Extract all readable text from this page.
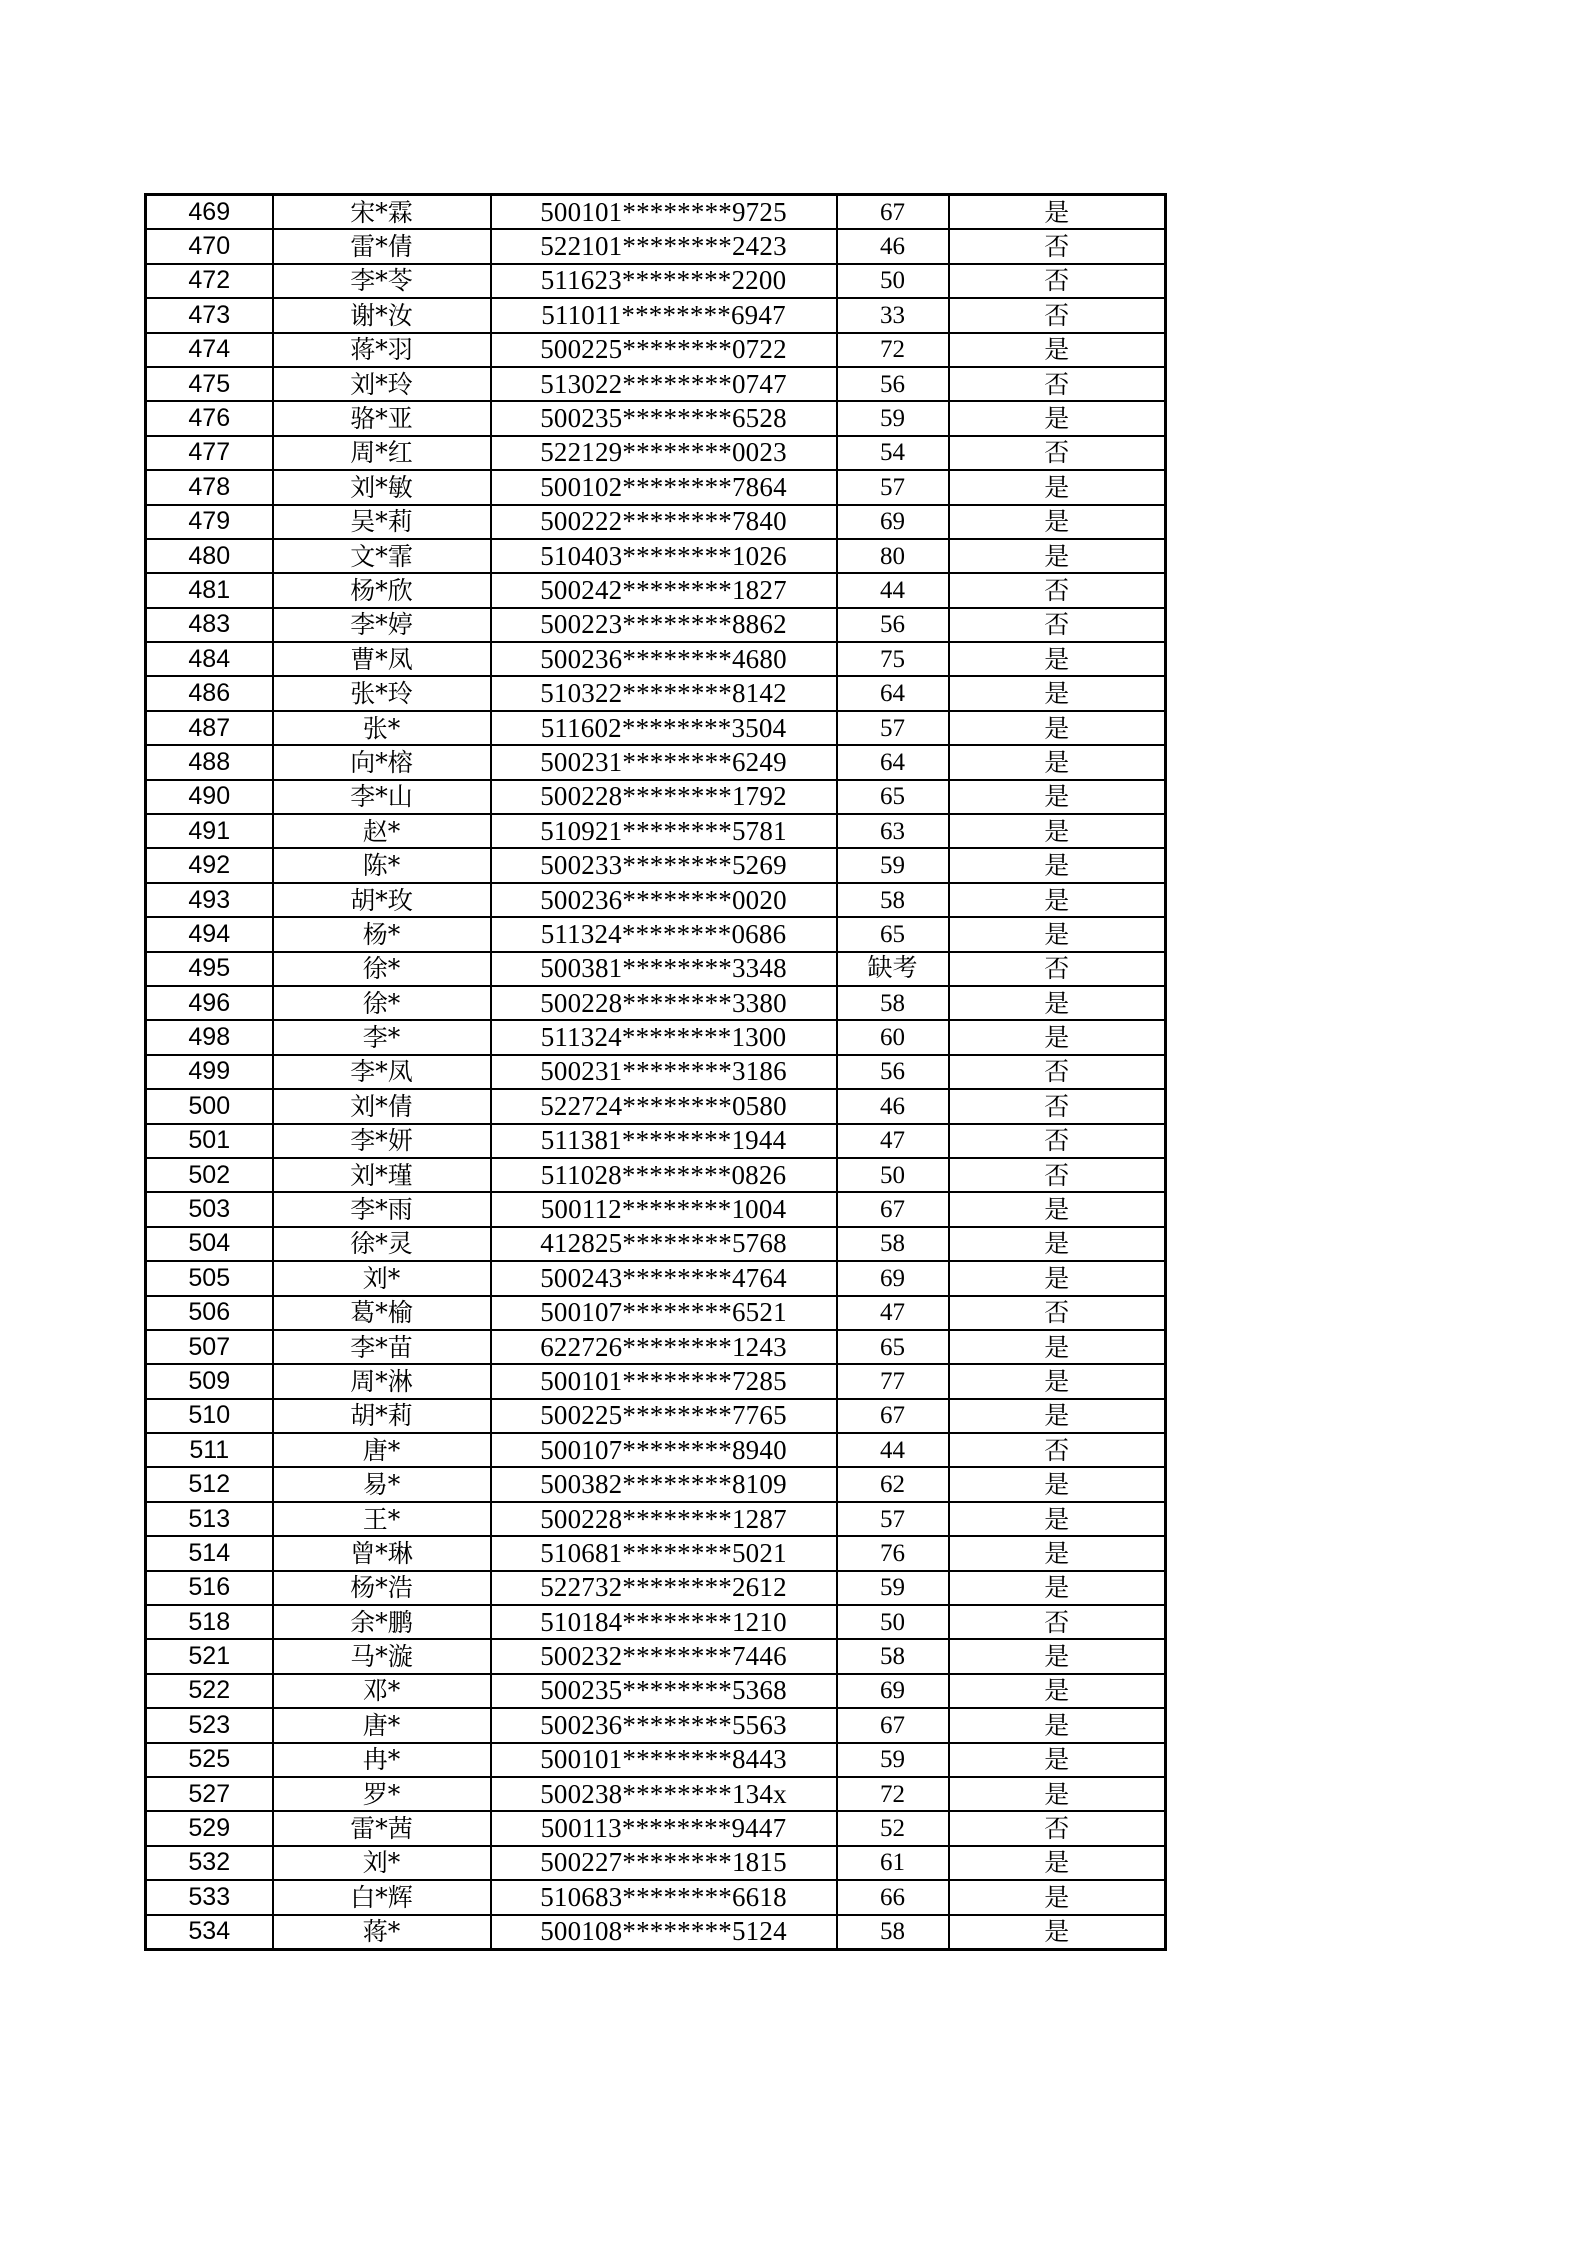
469	宋*霖	500101********9725	67	是
470	雷*倩	522101********2423	46	否
472	李*苓	511623********2200	50	否
473	谢*汝	511011********6947	33	否
474	蒋*羽	500225********0722	72	是
475	刘*玲	513022********0747	56	否
476	骆*亚	500235********6528	59	是
477	周*红	522129********0023	54	否
478	刘*敏	500102********7864	57	是
479	吴*莉	500222********7840	69	是
480	文*霏	510403********1026	80	是
481	杨*欣	500242********1827	44	否
483	李*婷	500223********8862	56	否
484	曹*凤	500236********4680	75	是
486	张*玲	510322********8142	64	是
487	张*	511602********3504	57	是
488	向*榕	500231********6249	64	是
490	李*山	500228********1792	65	是
491	赵*	510921********5781	63	是
492	陈*	500233********5269	59	是
493	胡*玫	500236********0020	58	是
494	杨*	511324********0686	65	是
495	徐*	500381********3348	缺考	否
496	徐*	500228********3380	58	是
498	李*	511324********1300	60	是
499	李*凤	500231********3186	56	否
500	刘*倩	522724********0580	46	否
501	李*妍	511381********1944	47	否
502	刘*瑾	511028********0826	50	否
503	李*雨	500112********1004	67	是
504	徐*灵	412825********5768	58	是
505	刘*	500243********4764	69	是
506	葛*榆	500107********6521	47	否
507	李*苗	622726********1243	65	是
509	周*淋	500101********7285	77	是
510	胡*莉	500225********7765	67	是
511	唐*	500107********8940	44	否
512	易*	500382********8109	62	是
513	王*	500228********1287	57	是
514	曾*琳	510681********5021	76	是
516	杨*浩	522732********2612	59	是
518	余*鹏	510184********1210	50	否
521	马*漩	500232********7446	58	是
522	邓*	500235********5368	69	是
523	唐*	500236********5563	67	是
525	冉*	500101********8443	59	是
527	罗*	500238********134x	72	是
529	雷*茜	500113********9447	52	否
532	刘*	500227********1815	61	是
533	白*辉	510683********6618	66	是
534	蒋*	500108********5124	58	是
